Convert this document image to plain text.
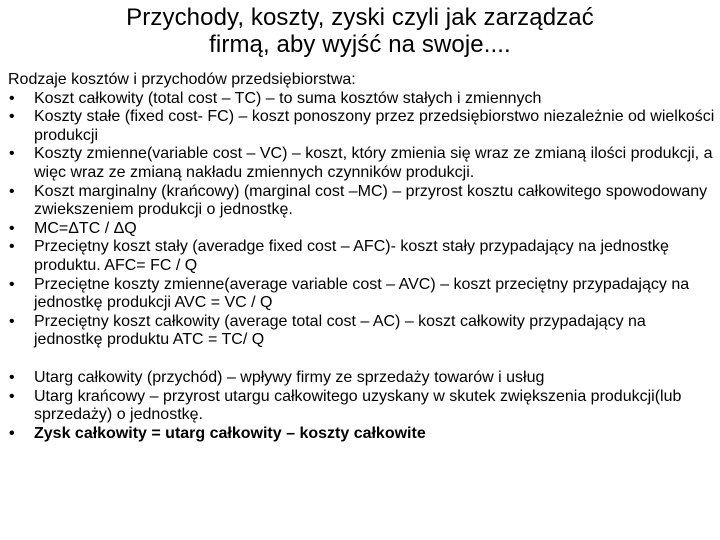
Przychody, koszty, zyski czyli jak zarządzać
firmą, aby wyjść na swoje....

Rodzaje kosztów i przychodów przedsiębiorstwa:

• Koszt całkowity (total cost – TC) – to suma kosztów stałych i zmiennych
• Koszty stałe (fixed cost- FC) – koszt ponoszony przez przedsiębiorstwo niezależnie od wielkości produkcji
• Koszty zmienne(variable cost – VC) – koszt, który zmienia się wraz ze zmianą ilości produkcji, a więc wraz ze zmianą nakładu zmiennych czynników produkcji.
• Koszt marginalny (krańcowy) (marginal cost –MC) – przyrost kosztu całkowitego spowodowany zwiekszeniem produkcji o jednostkę.
• MC=ΔTC / ΔQ
• Przeciętny koszt stały (averadge fixed cost – AFC)- koszt stały przypadający na jednostkę produktu. AFC= FC / Q
• Przeciętne koszty zmienne(average variable cost – AVC) – koszt przeciętny przypadający na jednostkę produkcji AVC = VC / Q
• Przeciętny koszt całkowity (average total cost – AC) – koszt całkowity przypadający na jednostkę produktu ATC = TC/ Q
• Utarg całkowity (przychód) – wpływy firmy ze sprzedaży towarów i usług
• Utarg krańcowy – przyrost utargu całkowitego uzyskany w skutek zwiększenia produkcji(lub sprzedaży) o jednostkę.
• Zysk całkowity = utarg całkowity – koszty całkowite
